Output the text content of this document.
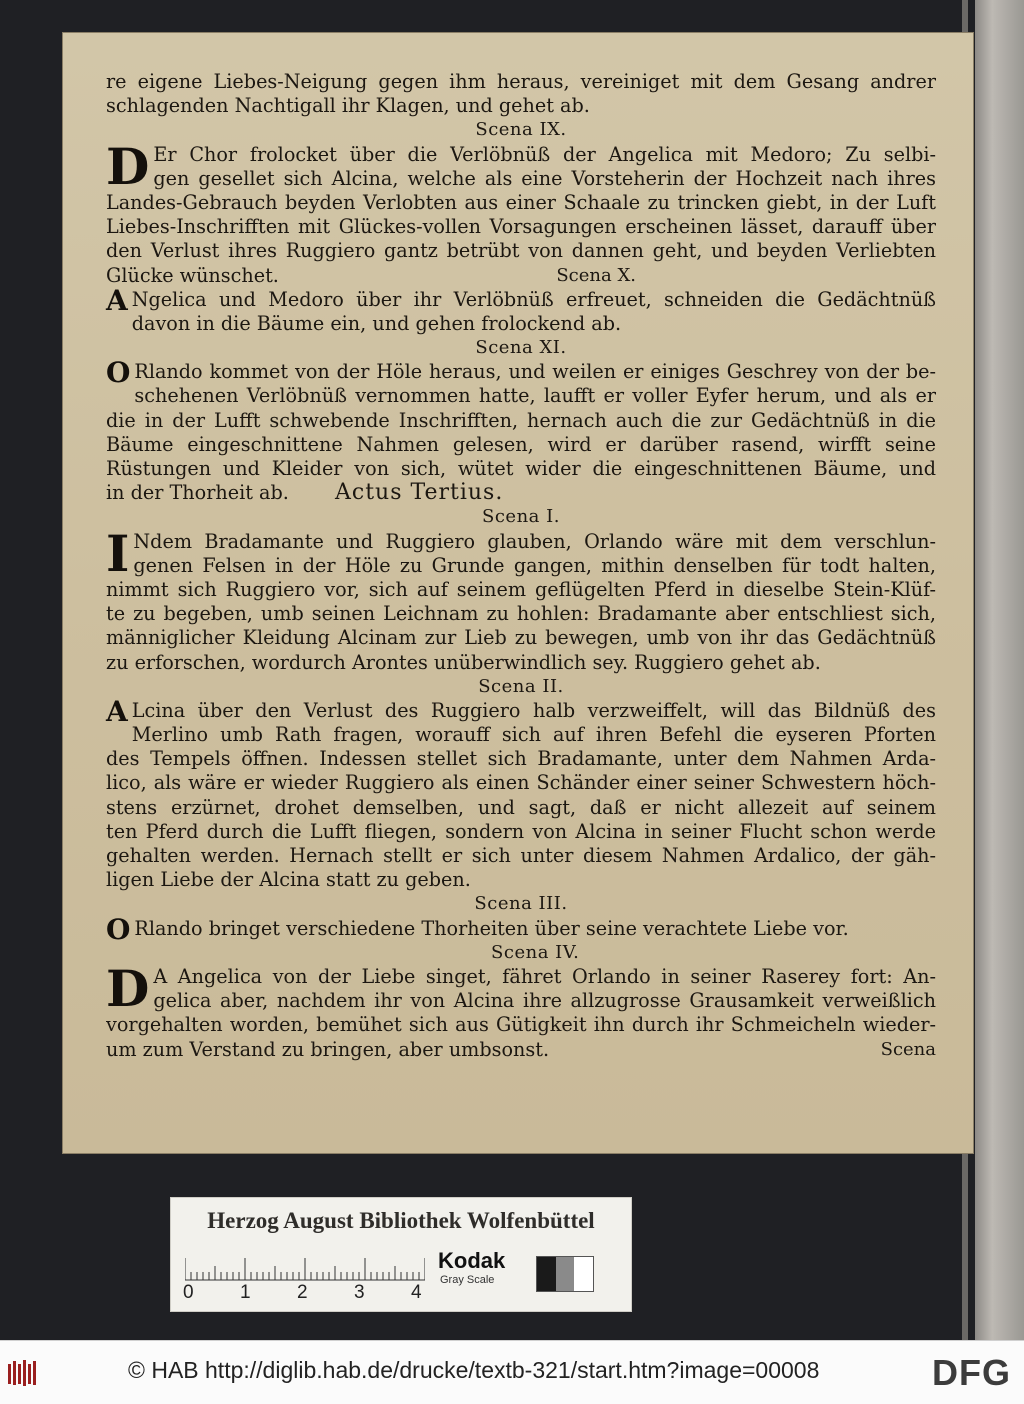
re eigene Liebes-Neigung gegen ihm heraus, vereiniget mit dem Gesang andrer
schlagenden Nachtigall ihr Klagen, und gehet ab.
Scena IX.
D Er Chor frolocket über die Verlöbnüß der Angelica mit Medoro; Zu selbi-
gen gesellet sich Alcina, welche als eine Vorsteherin der Hochzeit nach ihres
Landes-Gebrauch beyden Verlobten aus einer Schaale zu trincken giebt, in der Luft
Liebes-Inschrifften mit Glückes-vollen Vorsagungen erscheinen lässet, darauff über
den Verlust ihres Ruggiero gantz betrübt von dannen geht, und beyden Verliebten
Glücke wünschet.	Scena X.
A Ngelica und Medoro über ihr Verlöbnüß erfreuet, schneiden die Gedächtnüß
davon in die Bäume ein, und gehen frolockend ab.
Scena XI.
O Rlando kommet von der Höle heraus, und weilen er einiges Geschrey von der be-
schehenen Verlöbnüß vernommen hatte, laufft er voller Eyfer herum, und als er
die in der Lufft schwebende Inschrifften, hernach auch die zur Gedächtnüß in die
Bäume eingeschnittene Nahmen gelesen, wird er darüber rasend, wirfft seine
Rüstungen und Kleider von sich, wütet wider die eingeschnittenen Bäume, und
in der Thorheit ab. Actus Tertius.
Scena I.
I Ndem Bradamante und Ruggiero glauben, Orlando wäre mit dem verschlun-
genen Felsen in der Höle zu Grunde gangen, mithin denselben für todt halten,
nimmt sich Ruggiero vor, sich auf seinem geflügelten Pferd in dieselbe Stein-Klüf-
te zu begeben, umb seinen Leichnam zu hohlen: Bradamante aber entschliest sich,
männiglicher Kleidung Alcinam zur Lieb zu bewegen, umb von ihr das Gedächtnüß
zu erforschen, wordurch Arontes unüberwindlich sey. Ruggiero gehet ab.
Scena II.
A Lcina über den Verlust des Ruggiero halb verzweiffelt, will das Bildnüß des
Merlino umb Rath fragen, worauff sich auf ihren Befehl die eyseren Pforten
des Tempels öffnen. Indessen stellet sich Bradamante, unter dem Nahmen Arda-
lico, als wäre er wieder Ruggiero als einen Schänder einer seiner Schwestern höch-
stens erzürnet, drohet demselben, und sagt, daß er nicht allezeit auf seinem
ten Pferd durch die Lufft fliegen, sondern von Alcina in seiner Flucht schon werde
gehalten werden. Hernach stellt er sich unter diesem Nahmen Ardalico, der gäh-
ligen Liebe der Alcina statt zu geben.
Scena III.
O Rlando bringet verschiedene Thorheiten über seine verachtete Liebe vor.
Scena IV.
D A Angelica von der Liebe singet, fähret Orlando in seiner Raserey fort: An-
gelica aber, nachdem ihr von Alcina ihre allzugrosse Grausamkeit verweißlich
vorgehalten worden, bemühet sich aus Gütigkeit ihn durch ihr Schmeicheln wieder-
um zum Verstand zu bringen, aber umbsonst.	Scena
Herzog August Bibliothek Wolfenbüttel
0 1 2 3 4
Kodak
Gray Scale
© HAB http://diglib.hab.de/drucke/textb-321/start.htm?image=00008	DFG
